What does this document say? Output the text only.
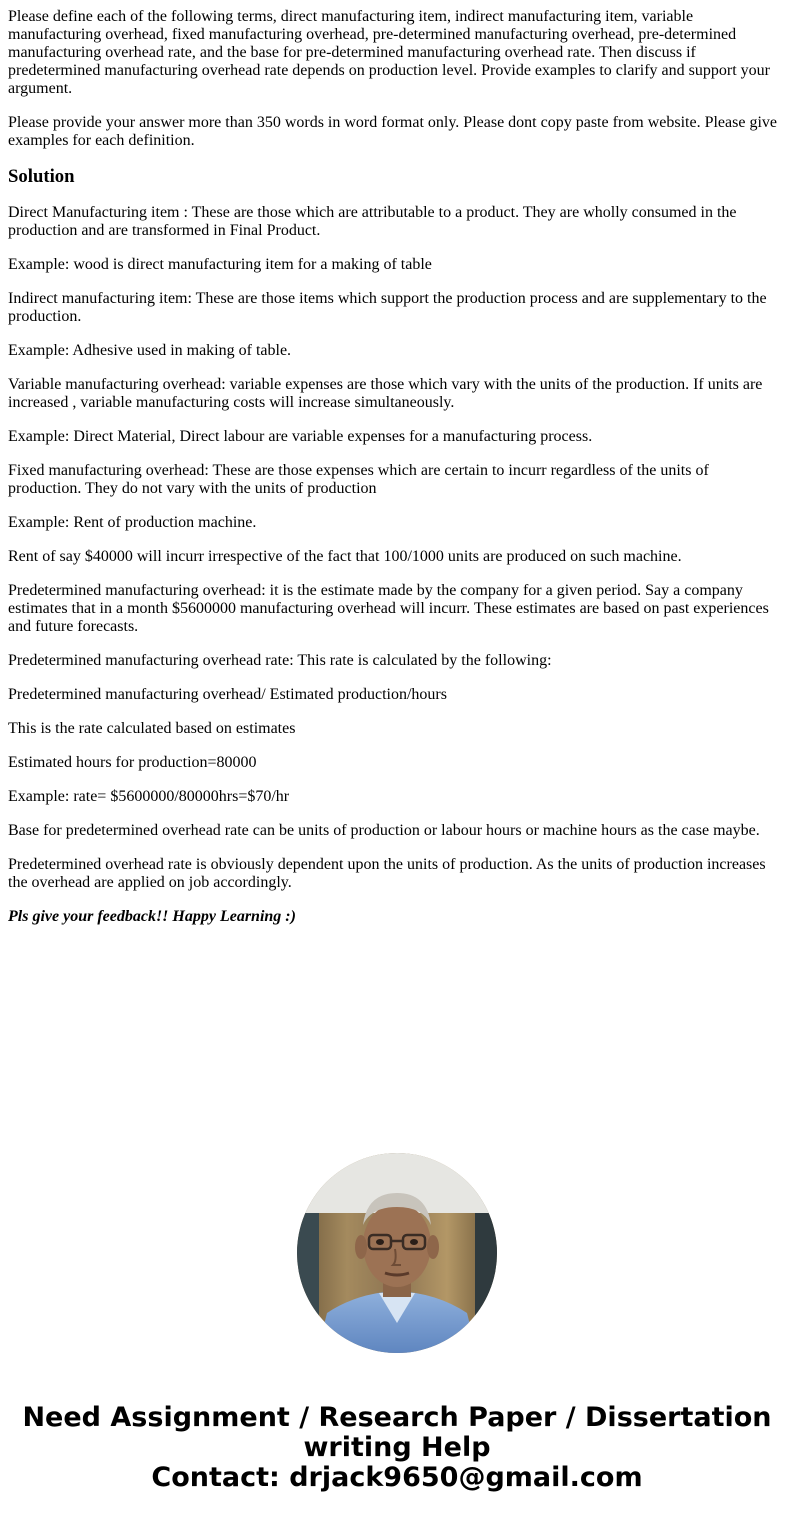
Please define each of the following terms, direct manufacturing item, indirect manufacturing item, variable manufacturing overhead, fixed manufacturing overhead, pre-determined manufacturing overhead, pre-determined manufacturing overhead rate, and the base for pre-determined manufacturing overhead rate. Then discuss if predetermined manufacturing overhead rate depends on production level. Provide examples to clarify and support your argument.

Please provide your answer more than 350 words in word format only. Please dont copy paste from website. Please give examples for each definition.

Solution

Direct Manufacturing item : These are those which are attributable to a product. They are wholly consumed in the production and are transformed in Final Product.

Example: wood is direct manufacturing item for a making of table

Indirect manufacturing item: These are those items which support the production process and are supplementary to the production.

Example: Adhesive used in making of table.

Variable manufacturing overhead: variable expenses are those which vary with the units of the production. If units are increased , variable manufacturing costs will increase simultaneously.

Example: Direct Material, Direct labour are variable expenses for a manufacturing process.

Fixed manufacturing overhead: These are those expenses which are certain to incurr regardless of the units of production. They do not vary with the units of production

Example: Rent of production machine.

Rent of say $40000 will incurr irrespective of the fact that 100/1000 units are produced on such machine.

Predetermined manufacturing overhead: it is the estimate made by the company for a given period. Say a company estimates that in a month $5600000 manufacturing overhead will incurr. These estimates are based on past experiences and future forecasts.

Predetermined manufacturing overhead rate: This rate is calculated by the following:

Predetermined manufacturing overhead/ Estimated production/hours

This is the rate calculated based on estimates

Estimated hours for production=80000

Example: rate= $5600000/80000hrs=$70/hr

Base for predetermined overhead rate can be units of production or labour hours or machine hours as the case maybe.

Predetermined overhead rate is obviously dependent upon the units of production. As the units of production increases the overhead are applied on job accordingly.

Pls give your feedback!! Happy Learning :)

Need Assignment / Research Paper / Dissertation writing Help
Contact: drjack9650@gmail.com
